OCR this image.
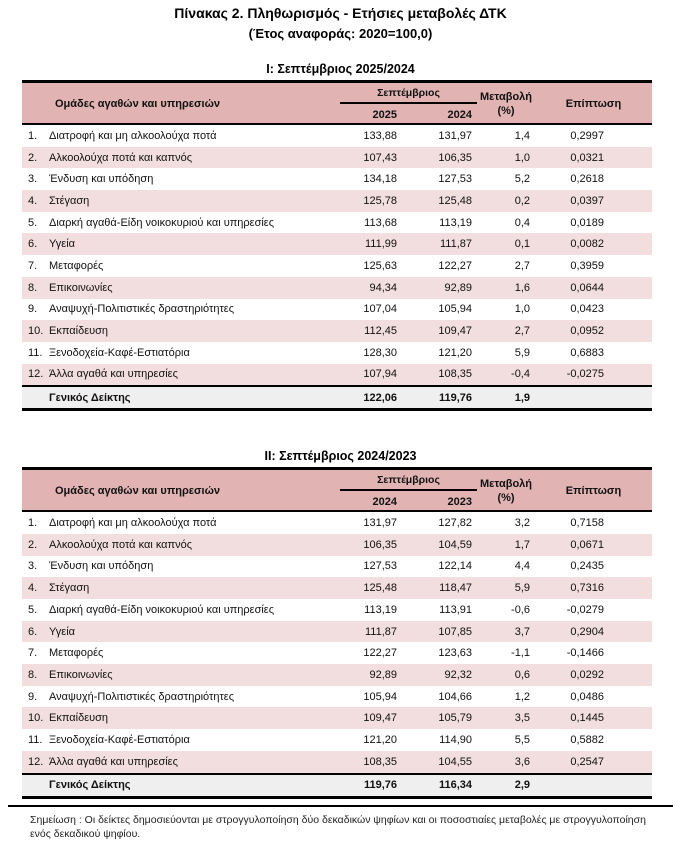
Πίνακας 2. Πληθωρισμός - Ετήσιες μεταβολές ΔΤΚ
(Έτος αναφοράς: 2020=100,0)
Ι: Σεπτέμβριος 2025/2024
Ομάδες αγαθών και υπηρεσιών
Σεπτέμβριος
2025	2024
Μεταβολή
(%)
Επίπτωση
1.	Διατροφή και μη αλκοολούχα ποτά	133,88	131,97	1,4	0,2997
2.	Αλκοολούχα ποτά και καπνός	107,43	106,35	1,0	0,0321
3.	Ένδυση και υπόδηση	134,18	127,53	5,2	0,2618
4.	Στέγαση	125,78	125,48	0,2	0,0397
5.	Διαρκή αγαθά-Είδη νοικοκυριού και υπηρεσίες	113,68	113,19	0,4	0,0189
6.	Υγεία	111,99	111,87	0,1	0,0082
7.	Μεταφορές	125,63	122,27	2,7	0,3959
8.	Επικοινωνίες	94,34	92,89	1,6	0,0644
9.	Αναψυχή-Πολιτιστικές δραστηριότητες	107,04	105,94	1,0	0,0423
10. Εκπαίδευση	112,45	109,47	2,7	0,0952
11. Ξενοδοχεία-Καφέ-Εστιατόρια	128,30	121,20	5,9	0,6883
12. Άλλα αγαθά και υπηρεσίες	107,94	108,35	-0,4	-0,0275
Γενικός Δείκτης	122,06	119,76	1,9
ΙΙ: Σεπτέμβριος 2024/2023
Ομάδες αγαθών και υπηρεσιών
Σεπτέμβριος
2024	2023
Μεταβολή
(%)
Επίπτωση
1.	Διατροφή και μη αλκοολούχα ποτά	131,97	127,82	3,2	0,7158
2.	Αλκοολούχα ποτά και καπνός	106,35	104,59	1,7	0,0671
3.	Ένδυση και υπόδηση	127,53	122,14	4,4	0,2435
4.	Στέγαση	125,48	118,47	5,9	0,7316
5.	Διαρκή αγαθά-Είδη νοικοκυριού και υπηρεσίες	113,19	113,91	-0,6	-0,0279
6.	Υγεία	111,87	107,85	3,7	0,2904
7.	Μεταφορές	122,27	123,63	-1,1	-0,1466
8.	Επικοινωνίες	92,89	92,32	0,6	0,0292
9.	Αναψυχή-Πολιτιστικές δραστηριότητες	105,94	104,66	1,2	0,0486
10. Εκπαίδευση	109,47	105,79	3,5	0,1445
11. Ξενοδοχεία-Καφέ-Εστιατόρια	121,20	114,90	5,5	0,5882
12. Άλλα αγαθά και υπηρεσίες	108,35	104,55	3,6	0,2547
Γενικός Δείκτης	119,76	116,34	2,9
Σημείωση : Οι δείκτες δημοσιεύονται με στρογγυλοποίηση δύο δεκαδικών ψηφίων και οι ποσοστιαίες μεταβολές με στρογγυλοποίηση ενός δεκαδικού ψηφίου.
